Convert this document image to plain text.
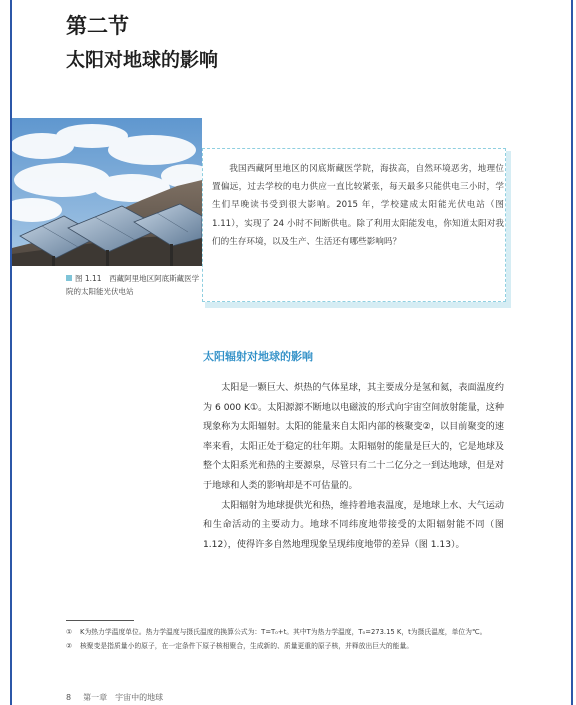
第二节
太阳对地球的影响
图 1.11　西藏阿里地区阿底斯藏医学院的太阳能光伏电站
我国西藏阿里地区的冈底斯藏医学院，海拔高，自然环境恶劣，地理位置偏远，过去学校的电力供应一直比较紧张，每天最多只能供电三小时，学生们早晚读书受到很大影响。2015 年，学校建成太阳能光伏电站（图 1.11），实现了 24 小时不间断供电。除了利用太阳能发电，你知道太阳对我们的生存环境，以及生产、生活还有哪些影响吗？
太阳辐射对地球的影响

太阳是一颗巨大、炽热的气体星球，其主要成分是氢和氦，表面温度约为 6 000 K①。太阳源源不断地以电磁波的形式向宇宙空间放射能量，这种现象称为太阳辐射。太阳的能量来自太阳内部的核聚变②，以目前聚变的速率来看，太阳正处于稳定的壮年期。太阳辐射的能量是巨大的，它是地球及整个太阳系光和热的主要源泉，尽管只有二十二亿分之一到达地球，但是对于地球和人类的影响却是不可估量的。

太阳辐射为地球提供光和热，维持着地表温度，是地球上水、大气运动和生命活动的主要动力。地球不同纬度地带接受的太阳辐射能不同（图 1.12），使得许多自然地理现象呈现纬度地带的差异（图 1.13）。

① K为热力学温度单位。热力学温度与摄氏温度的换算公式为：T=T₀+t。其中T为热力学温度，T₀=273.15 K，t为摄氏温度，单位为℃。
② 核聚变是指质量小的原子，在一定条件下原子核相聚合，生成新的、质量更重的原子核，并释放出巨大的能量。
8 第一章　宇宙中的地球
